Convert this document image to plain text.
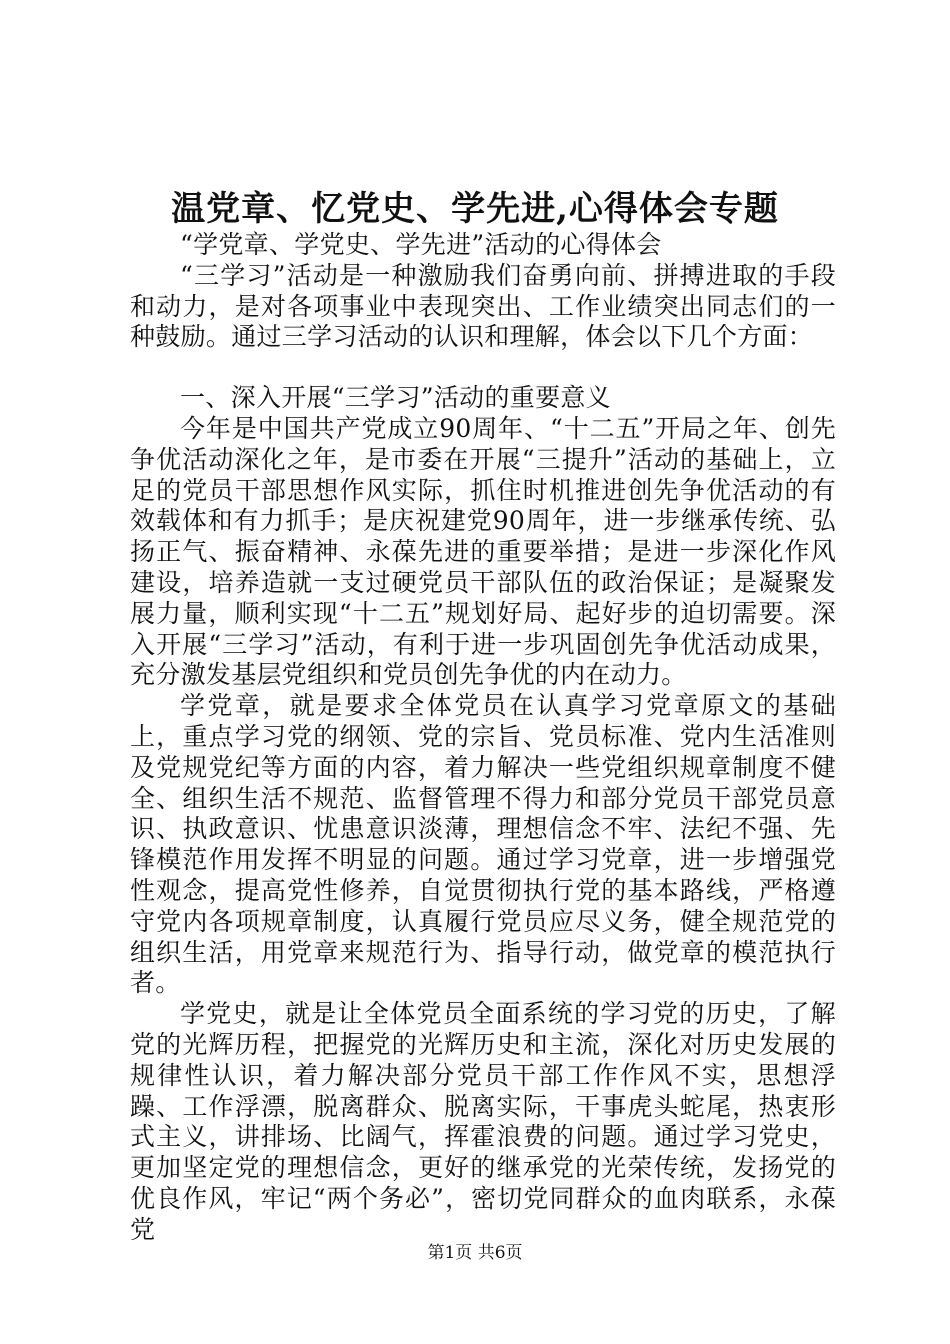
温党章、忆党史、学先进,心得体会专题

“学党章、学党史、学先进”活动的心得体会

“三学习”活动是一种激励我们奋勇向前、拼搏进取的手段和动力，是对各项事业中表现突出、工作业绩突出同志们的一种鼓励。通过三学习活动的认识和理解，体会以下几个方面：

一、深入开展“三学习”活动的重要意义

今年是中国共产党成立90周年、“十二五”开局之年、创先争优活动深化之年，是市委在开展“三提升”活动的基础上，立足的党员干部思想作风实际，抓住时机推进创先争优活动的有效载体和有力抓手；是庆祝建党90周年，进一步继承传统、弘扬正气、振奋精神、永葆先进的重要举措；是进一步深化作风建设，培养造就一支过硬党员干部队伍的政治保证；是凝聚发展力量，顺利实现“十二五”规划好局、起好步的迫切需要。深入开展“三学习”活动，有利于进一步巩固创先争优活动成果，充分激发基层党组织和党员创先争优的内在动力。

学党章，就是要求全体党员在认真学习党章原文的基础上，重点学习党的纲领、党的宗旨、党员标准、党内生活准则及党规党纪等方面的内容，着力解决一些党组织规章制度不健全、组织生活不规范、监督管理不得力和部分党员干部党员意识、执政意识、忧患意识淡薄，理想信念不牢、法纪不强、先锋模范作用发挥不明显的问题。通过学习党章，进一步增强党性观念，提高党性修养，自觉贯彻执行党的基本路线，严格遵守党内各项规章制度，认真履行党员应尽义务，健全规范党的组织生活，用党章来规范行为、指导行动，做党章的模范执行者。

学党史，就是让全体党员全面系统的学习党的历史，了解党的光辉历程，把握党的光辉历史和主流，深化对历史发展的规律性认识，着力解决部分党员干部工作作风不实，思想浮躁、工作浮漂，脱离群众、脱离实际，干事虎头蛇尾，热衷形式主义，讲排场、比阔气，挥霍浪费的问题。通过学习党史，更加坚定党的理想信念，更好的继承党的光荣传统，发扬党的优良作风，牢记“两个务必”，密切党同群众的血肉联系，永葆党

第1页 共6页
